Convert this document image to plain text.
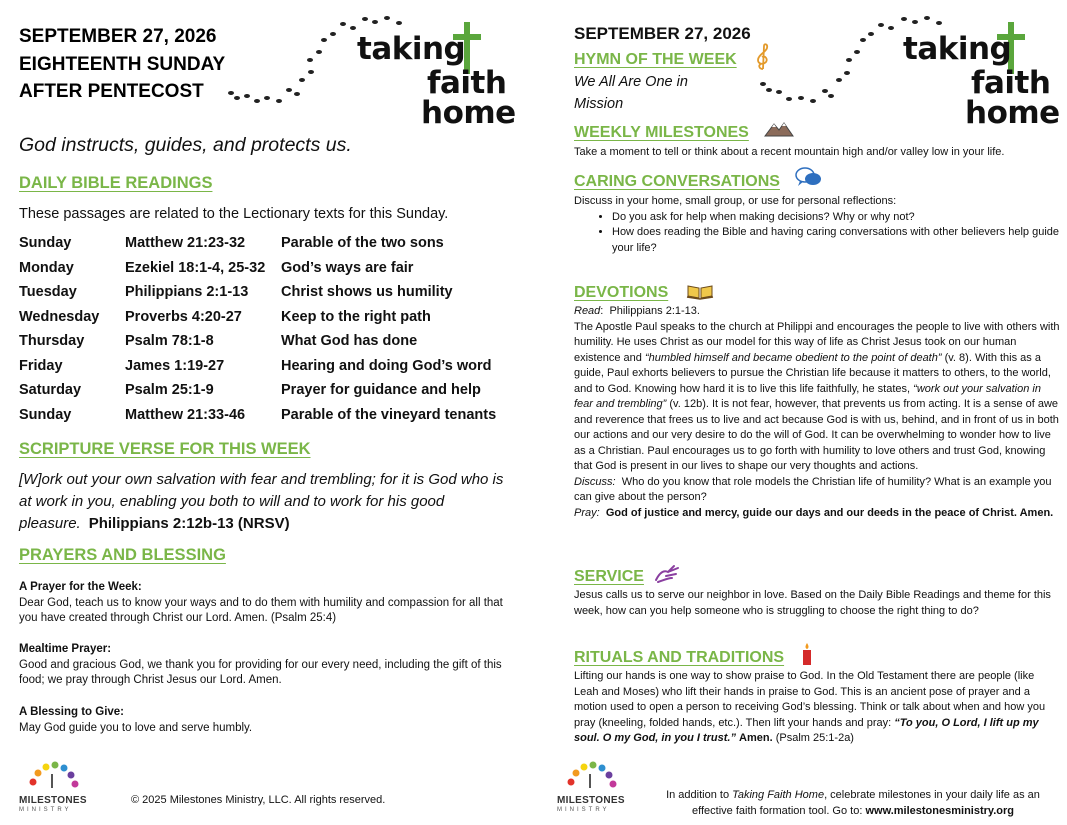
SEPTEMBER 27, 2026
EIGHTEENTH SUNDAY
AFTER PENTECOST
taking
faith
home
God instructs, guides, and protects us.
DAILY BIBLE READINGS
These passages are related to the Lectionary texts for this Sunday.
Sunday	Matthew 21:23-32	Parable of the two sons
Monday	Ezekiel 18:1-4, 25-32	God’s ways are fair
Tuesday	Philippians 2:1-13	Christ shows us humility
Wednesday	Proverbs 4:20-27	Keep to the right path
Thursday	Psalm 78:1-8	What God has done
Friday	James 1:19-27	Hearing and doing God’s word
Saturday	Psalm 25:1-9	Prayer for guidance and help
Sunday	Matthew 21:33-46	Parable of the vineyard tenants
SCRIPTURE VERSE FOR THIS WEEK
[W]ork out your own salvation with fear and trembling; for it is God who is at work in you, enabling you both to will and to work for his good pleasure. Philippians 2:12b-13 (NRSV)
PRAYERS AND BLESSING
A Prayer for the Week:
Dear God, teach us to know your ways and to do them with humility and compassion for all that you have created through Christ our Lord. Amen. (Psalm 25:4)
Mealtime Prayer:
Good and gracious God, we thank you for providing for our every need, including the gift of this food; we pray through Christ Jesus our Lord. Amen.
A Blessing to Give:
May God guide you to love and serve humbly.
MILESTONES
MINISTRY
© 2025 Milestones Ministry, LLC. All rights reserved.
SEPTEMBER 27, 2026
HYMN OF THE WEEK
We All Are One in
Mission
taking
faith
home
WEEKLY MILESTONES
Take a moment to tell or think about a recent mountain high and/or valley low in your life.
CARING CONVERSATIONS
Discuss in your home, small group, or use for personal reflections:
• Do you ask for help when making decisions? Why or why not?
• How does reading the Bible and having caring conversations with other believers help guide your life?
DEVOTIONS
Read:  Philippians 2:1-13.
The Apostle Paul speaks to the church at Philippi and encourages the people to live with others with humility. He uses Christ as our model for this way of life as Christ Jesus took on our human existence and “humbled himself and became obedient to the point of death” (v. 8). With this as a guide, Paul exhorts believers to pursue the Christian life because it matters to others, to the world, and to God. Knowing how hard it is to live this life faithfully, he states, “work out your salvation in fear and trembling” (v. 12b). It is not fear, however, that prevents us from acting. It is a sense of awe and reverence that frees us to live and act because God is with us, behind, and in front of us in both our actions and our very desire to do the will of God. It can be overwhelming to wonder how to live as a Christian. Paul encourages us to go forth with humility to love others and trust God, knowing that God is present in our lives to shape our very thoughts and actions.
Discuss: Who do you know that role models the Christian life of humility? What is an example you can give about the person?
Pray: God of justice and mercy, guide our days and our deeds in the peace of Christ. Amen.
SERVICE
Jesus calls us to serve our neighbor in love. Based on the Daily Bible Readings and theme for this week, how can you help someone who is struggling to choose the right thing to do?
RITUALS AND TRADITIONS
Lifting our hands is one way to show praise to God. In the Old Testament there are people (like Leah and Moses) who lift their hands in praise to God. This is an ancient pose of prayer and a motion used to open a person to receiving God’s blessing. Think or talk about when and how you pray (kneeling, folded hands, etc.). Then lift your hands and pray: “To you, O Lord, I lift up my soul. O my God, in you I trust.” Amen. (Psalm 25:1-2a)
MILESTONES
MINISTRY
In addition to Taking Faith Home, celebrate milestones in your daily life as an
effective faith formation tool. Go to: www.milestonesministry.org
